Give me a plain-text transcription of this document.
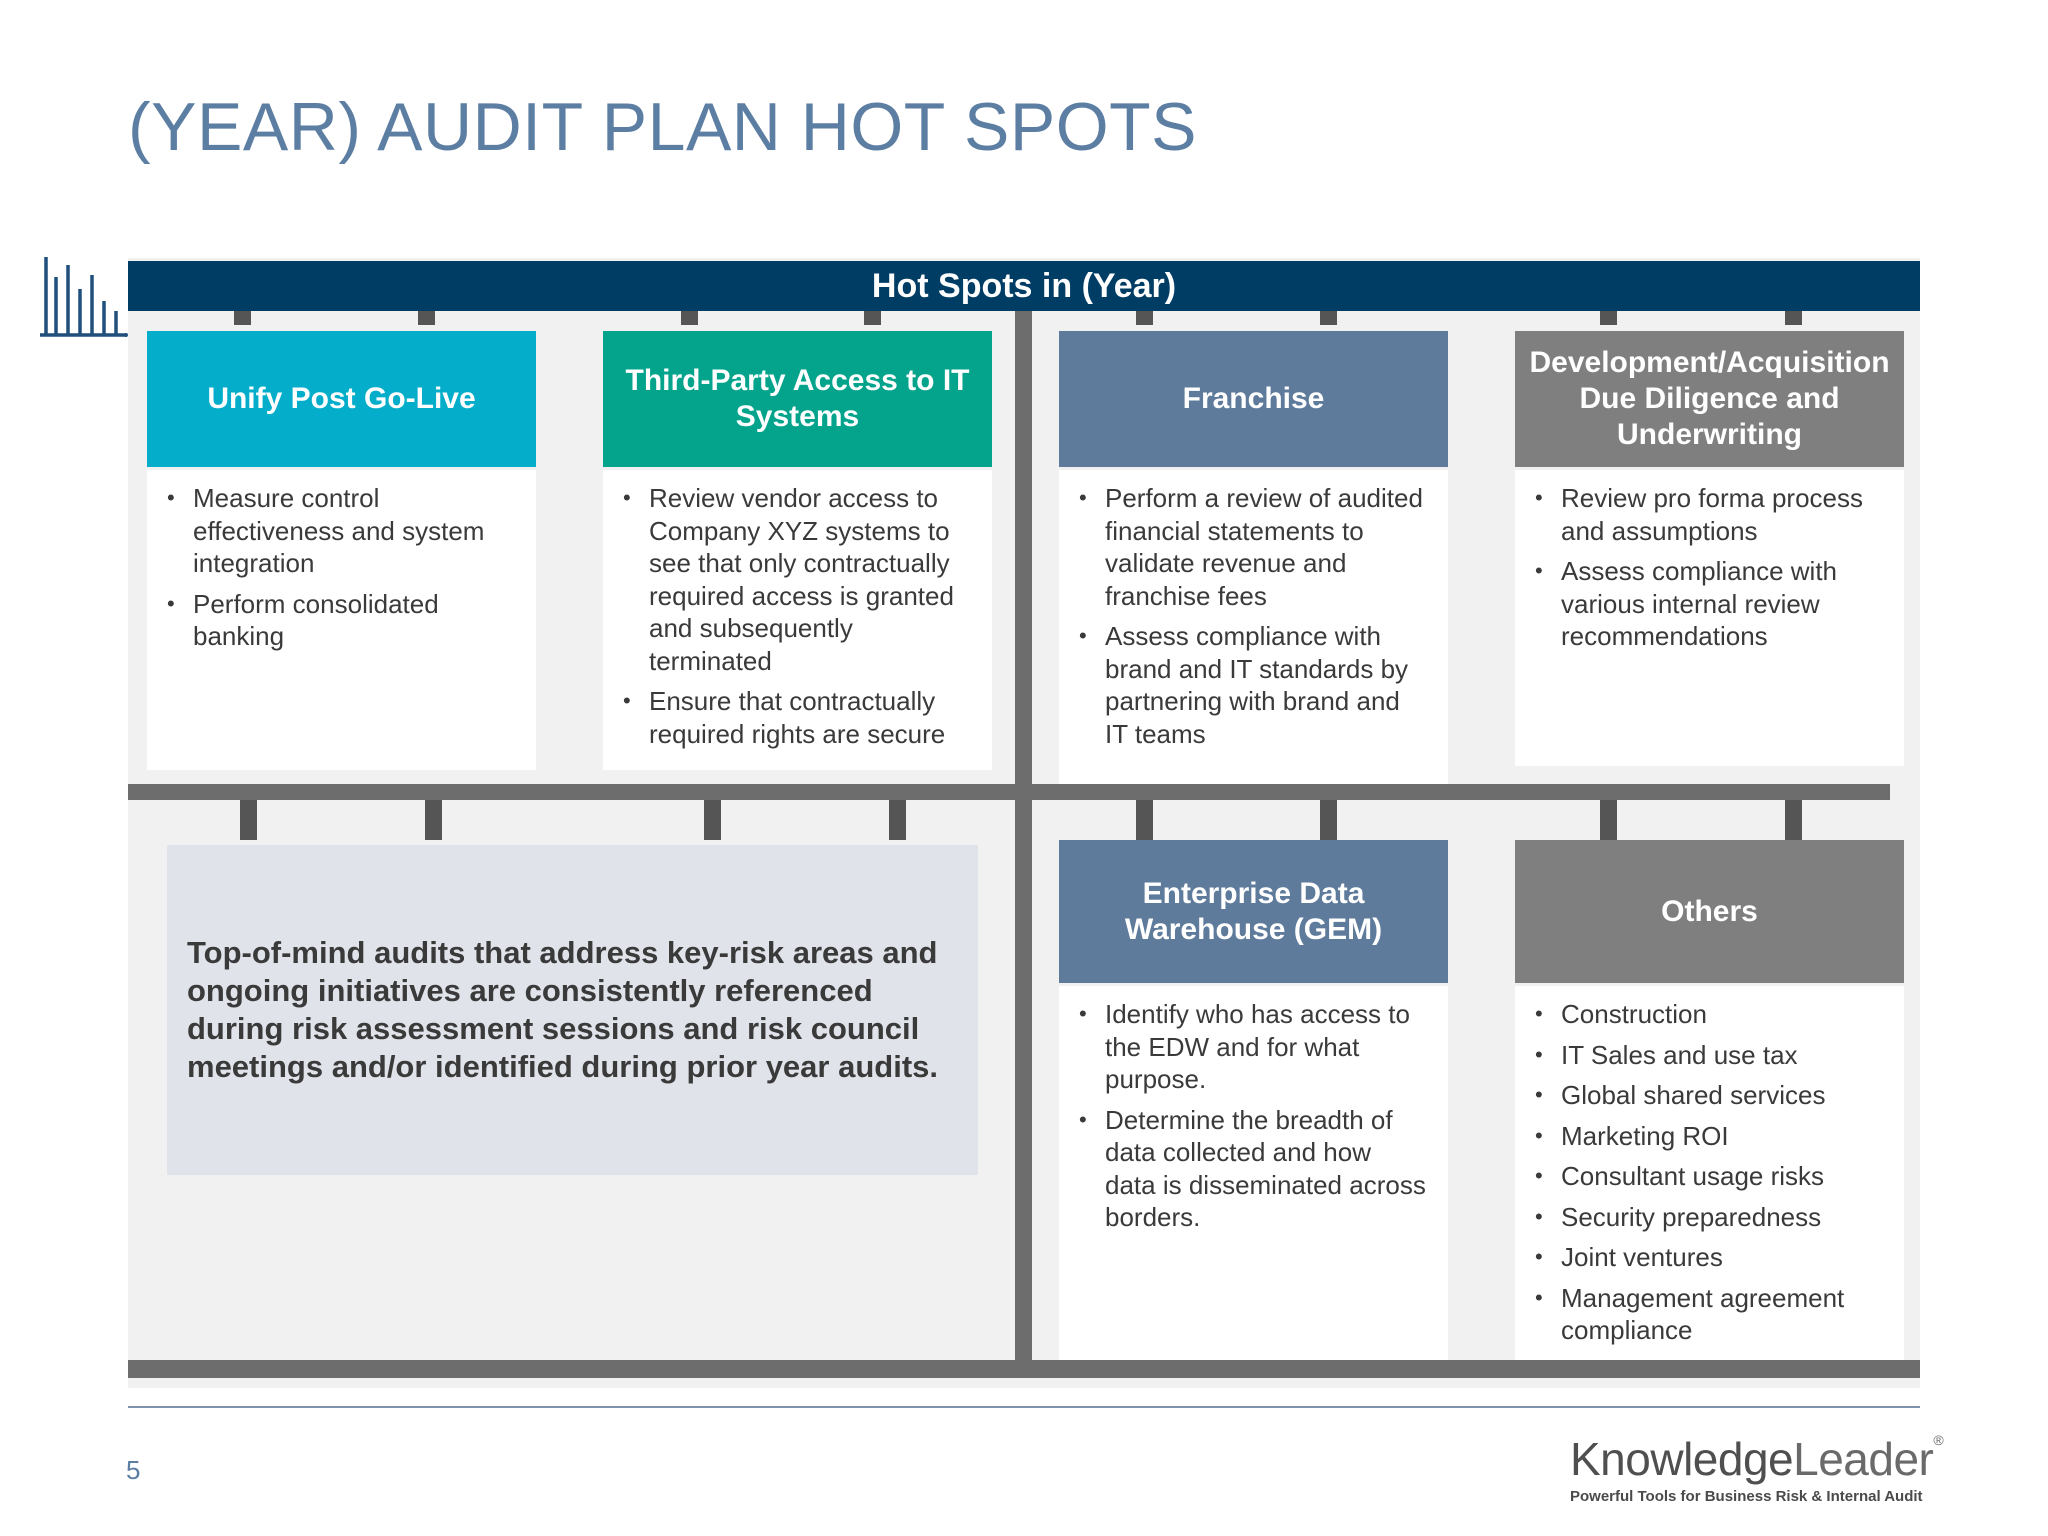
(YEAR) AUDIT PLAN HOT SPOTS
Hot Spots in (Year)
Unify Post Go-Live
• Measure control effectiveness and system integration
• Perform consolidated banking
Third-Party Access to IT Systems
• Review vendor access to Company XYZ systems to see that only contractually required access is granted and subsequently terminated
• Ensure that contractually required rights are secure
Franchise
• Perform a review of audited financial statements to validate revenue and franchise fees
• Assess compliance with brand and IT standards by partnering with brand and IT teams
Development/Acquisition Due Diligence and Underwriting
• Review pro forma process and assumptions
• Assess compliance with various internal review recommendations
Top-of-mind audits that address key-risk areas and ongoing initiatives are consistently referenced during risk assessment sessions and risk council meetings and/or identified during prior year audits.
Enterprise Data Warehouse (GEM)
• Identify who has access to the EDW and for what purpose.
• Determine the breadth of data collected and how data is disseminated across borders.
Others
• Construction
• IT Sales and use tax
• Global shared services
• Marketing ROI
• Consultant usage risks
• Security preparedness
• Joint ventures
• Management agreement compliance
5	KnowledgeLeader®
Powerful Tools for Business Risk & Internal Audit
